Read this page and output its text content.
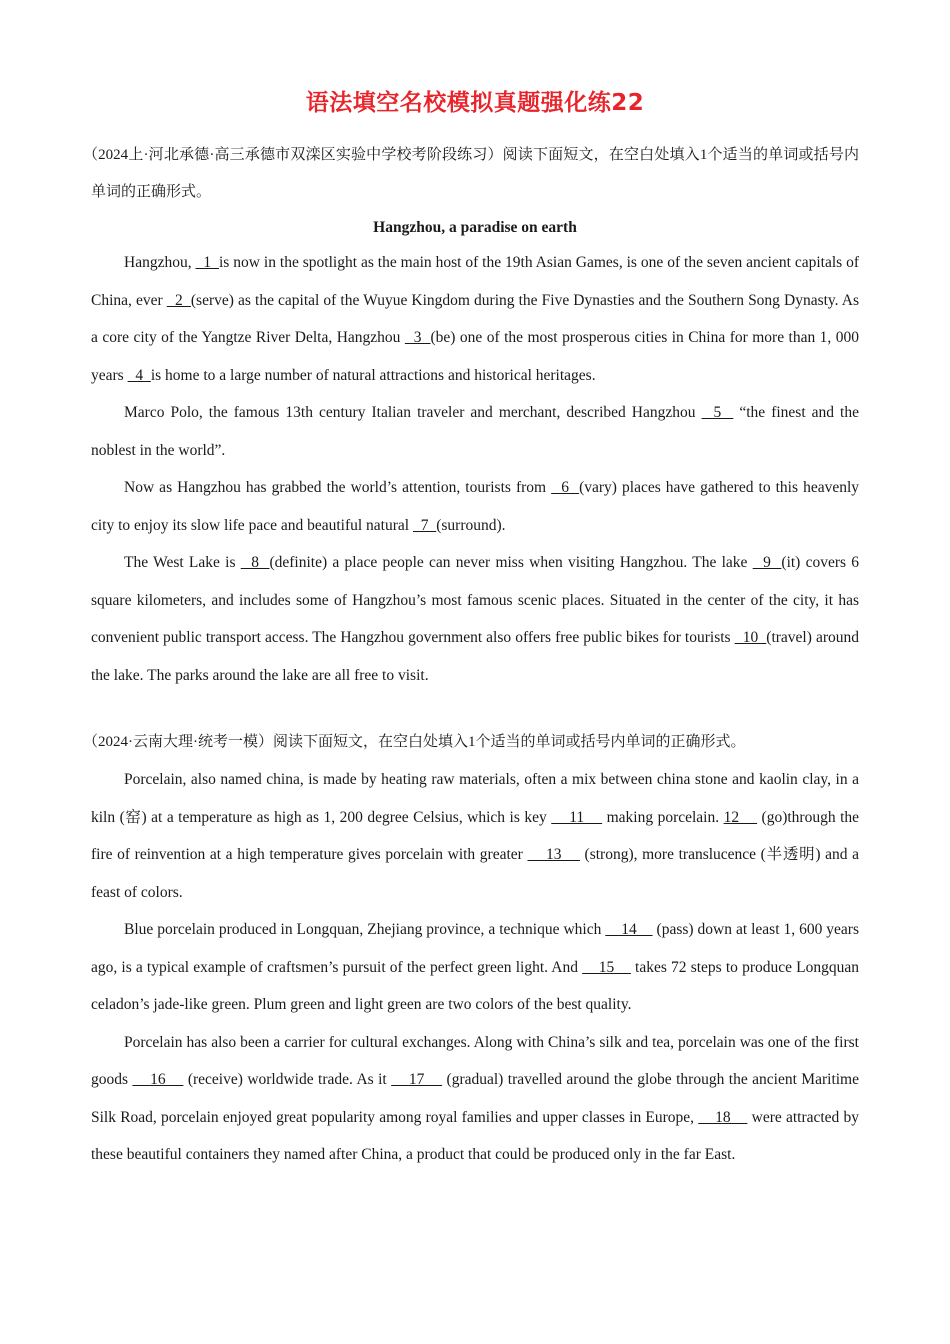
语法填空名校模拟真题强化练22

（2024上·河北承德·高三承德市双滦区实验中学校考阶段练习）阅读下面短文，在空白处填入1个适当的单词或括号内单词的正确形式。

Hangzhou, a paradise on earth

Hangzhou,   1  is now in the spotlight as the main host of the 19th Asian Games, is one of the seven ancient capitals of China, ever   2  (serve) as the capital of the Wuyue Kingdom during the Five Dynasties and the Southern Song Dynasty. As a core city of the Yangtze River Delta, Hangzhou   3  (be) one of the most prosperous cities in China for more than 1, 000 years   4  is home to a large number of natural attractions and historical heritages.

Marco Polo, the famous 13th century Italian traveler and merchant, described Hangzhou   5   “the finest and the noblest in the world”.

Now as Hangzhou has grabbed the world’s attention, tourists from   6  (vary) places have gathered to this heavenly city to enjoy its slow life pace and beautiful natural   7  (surround).

The West Lake is   8  (definite) a place people can never miss when visiting Hangzhou. The lake   9  (it) covers 6 square kilometers, and includes some of Hangzhou’s most famous scenic places. Situated in the center of the city, it has convenient public transport access. The Hangzhou government also offers free public bikes for tourists   10  (travel) around the lake. The parks around the lake are all free to visit.

（2024·云南大理·统考一模）阅读下面短文，在空白处填入1个适当的单词或括号内单词的正确形式。

Porcelain, also named china, is made by heating raw materials, often a mix between china stone and kaolin clay, in a kiln (窑) at a temperature as high as 1, 200 degree Celsius, which is key     11     making porcelain. 12     (go)through the fire of reinvention at a high temperature gives porcelain with greater     13     (strong), more translucence (半透明) and a feast of colors.

Blue porcelain produced in Longquan, Zhejiang province, a technique which     14     (pass) down at least 1, 600 years ago, is a typical example of craftsmen’s pursuit of the perfect green light. And     15     takes 72 steps to produce Longquan celadon’s jade-like green. Plum green and light green are two colors of the best quality.

Porcelain has also been a carrier for cultural exchanges. Along with China’s silk and tea, porcelain was one of the first goods     16     (receive) worldwide trade. As it     17     (gradual) travelled around the globe through the ancient Maritime Silk Road, porcelain enjoyed great popularity among royal families and upper classes in Europe,     18     were attracted by these beautiful containers they named after China, a product that could be produced only in the far East.
